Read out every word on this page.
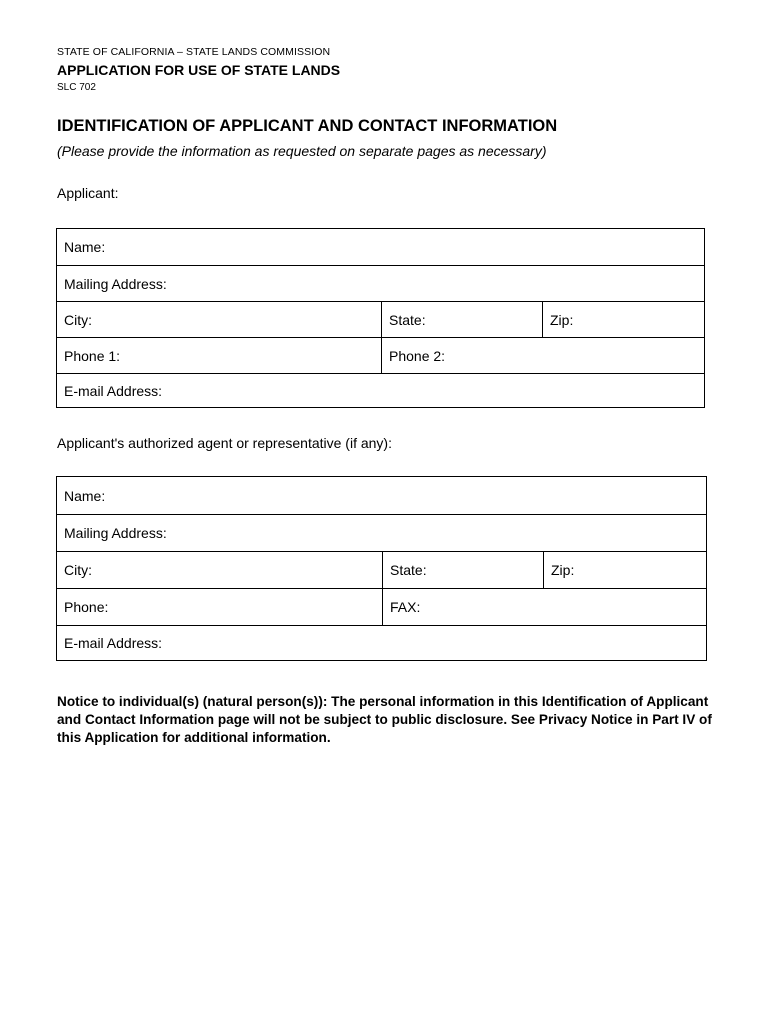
STATE OF CALIFORNIA – STATE LANDS COMMISSION
APPLICATION FOR USE OF STATE LANDS
SLC 702
IDENTIFICATION OF APPLICANT AND CONTACT INFORMATION
(Please provide the information as requested on separate pages as necessary)
Applicant:
Name:
Mailing Address:
City:	State:	Zip:
Phone 1:	Phone 2:
E-mail Address:
Applicant's authorized agent or representative (if any):
Name:
Mailing Address:
City:	State:	Zip:
Phone:	FAX:
E-mail Address:
Notice to individual(s) (natural person(s)): The personal information in this Identification of Applicant and Contact Information page will not be subject to public disclosure. See Privacy Notice in Part IV of this Application for additional information.
